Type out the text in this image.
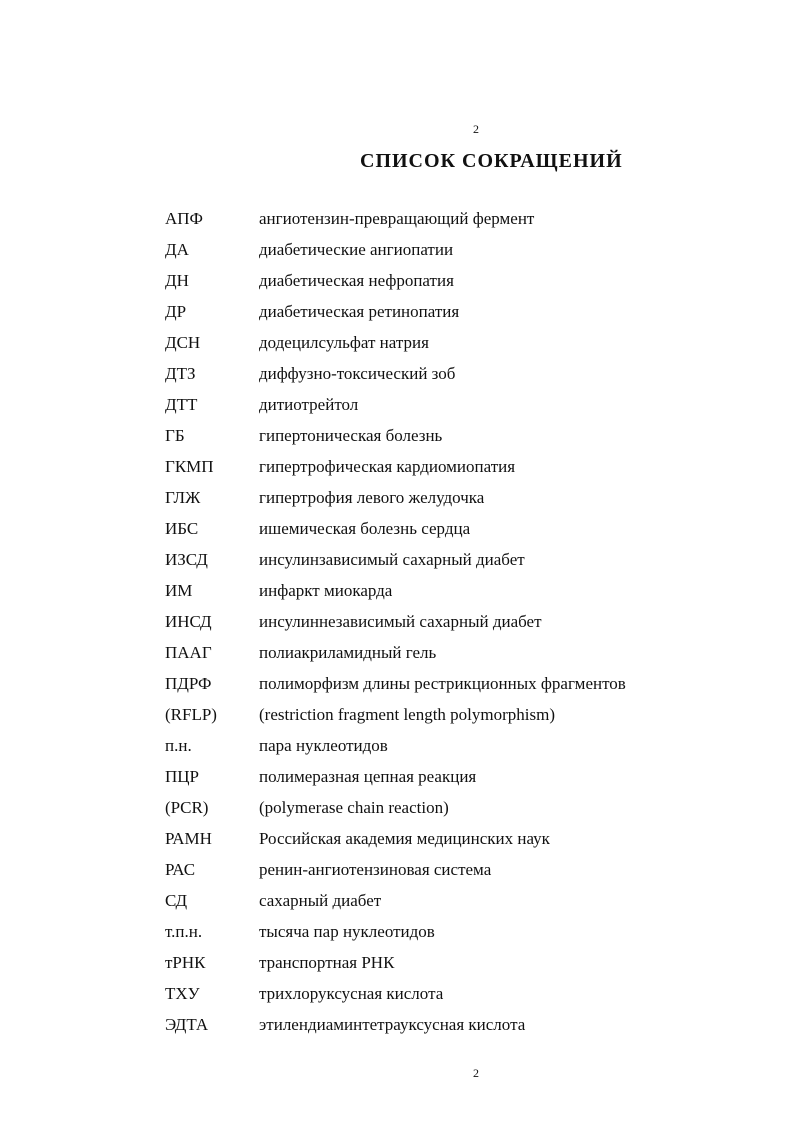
2
СПИСОК СОКРАЩЕНИЙ
АПФ	ангиотензин-превращающий фермент
ДА	диабетические ангиопатии
ДН	диабетическая нефропатия
ДР	диабетическая ретинопатия
ДСН	додецилсульфат натрия
ДТЗ	диффузно-токсический зоб
ДТТ	дитиотрейтол
ГБ	гипертоническая болезнь
ГКМП	гипертрофическая кардиомиопатия
ГЛЖ	гипертрофия левого желудочка
ИБС	ишемическая болезнь сердца
ИЗСД	инсулинзависимый сахарный диабет
ИМ	инфаркт миокарда
ИНСД	инсулиннезависимый сахарный диабет
ПААГ	полиакриламидный гель
ПДРФ	полиморфизм длины рестрикционных фрагментов
(RFLP)	(restriction fragment length polymorphism)
п.н.	пара нуклеотидов
ПЦР	полимеразная цепная реакция
(PCR)	(polymerase chain reaction)
РАМН	Российская академия медицинских наук
РАС	ренин-ангиотензиновая система
СД	сахарный диабет
т.п.н.	тысяча пар нуклеотидов
тРНК	транспортная РНК
ТХУ	трихлоруксусная кислота
ЭДТА	этилендиаминтетрауксусная кислота
2
